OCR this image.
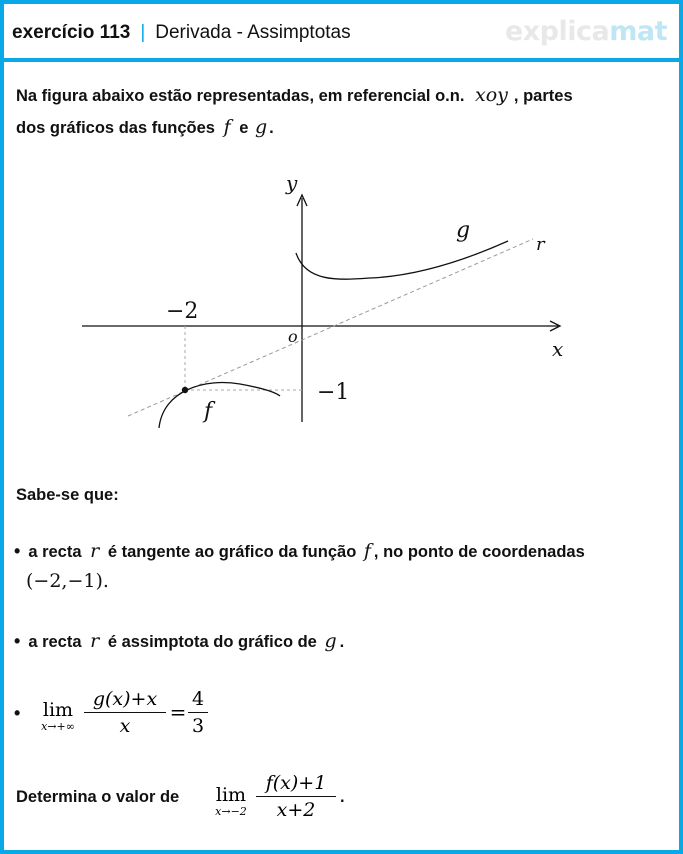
exercício 113 | Derivada - Assimptotas	explicamat
Na figura abaixo estão representadas, em referencial o.n. xoy , partes
dos gráficos das funções f e g .
y
x
o
g
r
f
−2
−1
Sabe-se que:
• a recta r é tangente ao gráfico da função f , no ponto de coordenadas
(−2,−1).
• a recta r é assimptota do gráfico de g .
•	lim
$x\to+\infty \frac{g(x)+x}{x} = \frac{4}{3}$
Determina o valor de	lim
$x\to-2 \frac{f(x)+1}{x+2}$ .
